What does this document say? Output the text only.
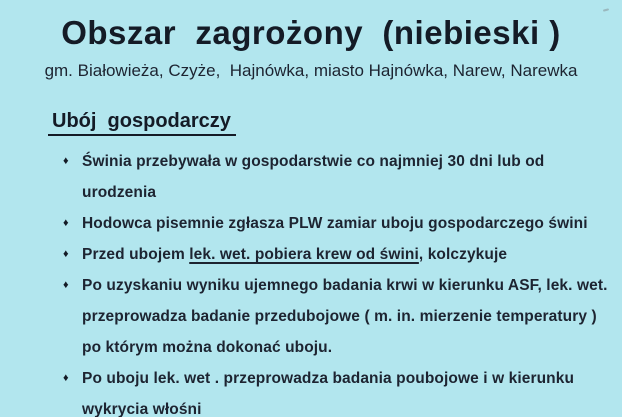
Obszar  zagrożony  (niebieski )
gm. Białowieża, Czyże,  Hajnówka, miasto Hajnówka, Narew, Narewka
Ubój  gospodarczy
♦ Świnia przebywała w gospodarstwie co najmniej 30 dni lub od urodzenia
♦ Hodowca pisemnie zgłasza PLW zamiar uboju gospodarczego świni
♦ Przed ubojem lek. wet. pobiera krew od świni, kolczykuje
♦ Po uzyskaniu wyniku ujemnego badania krwi w kierunku ASF, lek. wet.
przeprowadza badanie przedubojowe ( m. in. mierzenie temperatury )
po którym można dokonać uboju.
♦ Po uboju lek. wet . przeprowadza badania poubojowe i w kierunku
wykrycia włośni
